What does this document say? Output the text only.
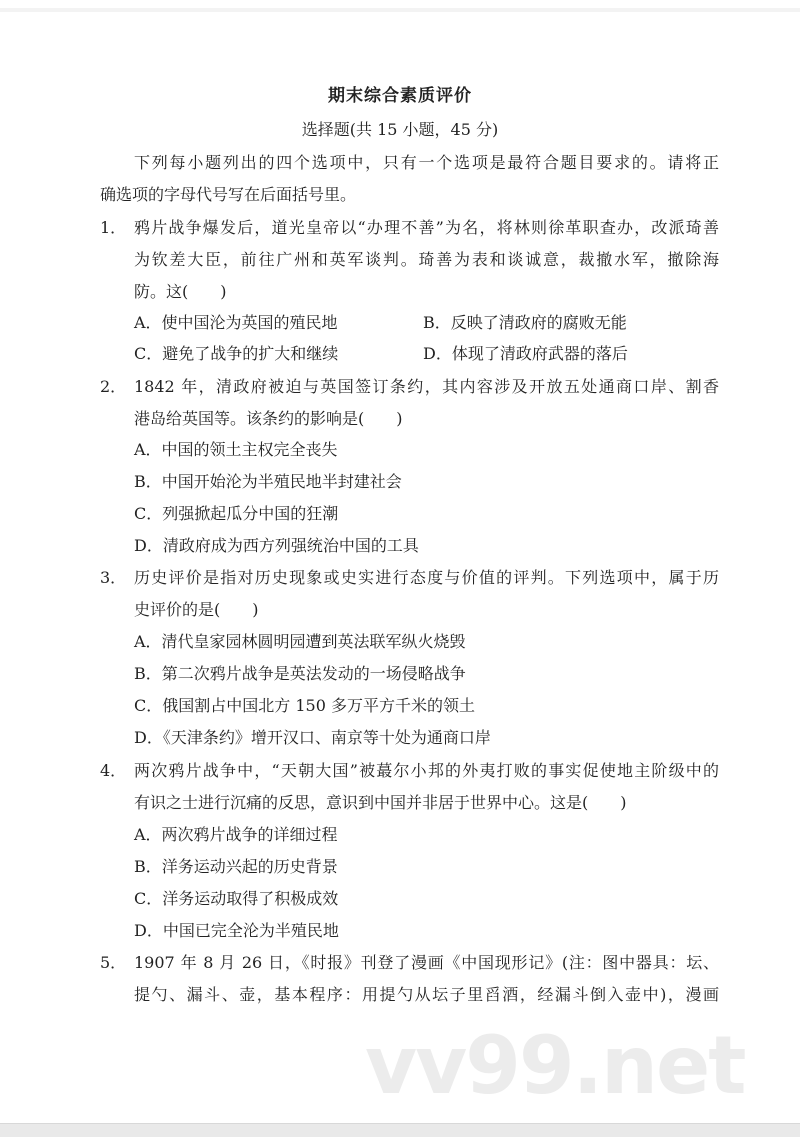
期末综合素质评价
选择题(共 15 小题，45 分)
下列每小题列出的四个选项中，只有一个选项是最符合题目要求的。请将正
确选项的字母代号写在后面括号里。
1． 鸦片战争爆发后，道光皇帝以“办理不善”为名，将林则徐革职查办，改派琦善
为钦差大臣，前往广州和英军谈判。琦善为表和谈诚意，裁撤水军，撤除海
防。这(　　)
A．使中国沦为英国的殖民地	B．反映了清政府的腐败无能
C．避免了战争的扩大和继续	D．体现了清政府武器的落后
2． 1842 年，清政府被迫与英国签订条约，其内容涉及开放五处通商口岸、割香
港岛给英国等。该条约的影响是(　　)
A．中国的领土主权完全丧失
B．中国开始沦为半殖民地半封建社会
C．列强掀起瓜分中国的狂潮
D．清政府成为西方列强统治中国的工具
3． 历史评价是指对历史现象或史实进行态度与价值的评判。下列选项中，属于历
史评价的是(　　)
A．清代皇家园林圆明园遭到英法联军纵火烧毁
B．第二次鸦片战争是英法发动的一场侵略战争
C．俄国割占中国北方 150 多万平方千米的领土
D．《天津条约》增开汉口、南京等十处为通商口岸
4． 两次鸦片战争中，“天朝大国”被蕞尔小邦的外夷打败的事实促使地主阶级中的
有识之士进行沉痛的反思，意识到中国并非居于世界中心。这是(　　)
A．两次鸦片战争的详细过程
B．洋务运动兴起的历史背景
C．洋务运动取得了积极成效
D．中国已完全沦为半殖民地
5． 1907 年 8 月 26 日，《时报》刊登了漫画《中国现形记》(注：图中器具：坛、
提勺、漏斗、壶，基本程序：用提勺从坛子里舀酒，经漏斗倒入壶中)，漫画
vv99.net
